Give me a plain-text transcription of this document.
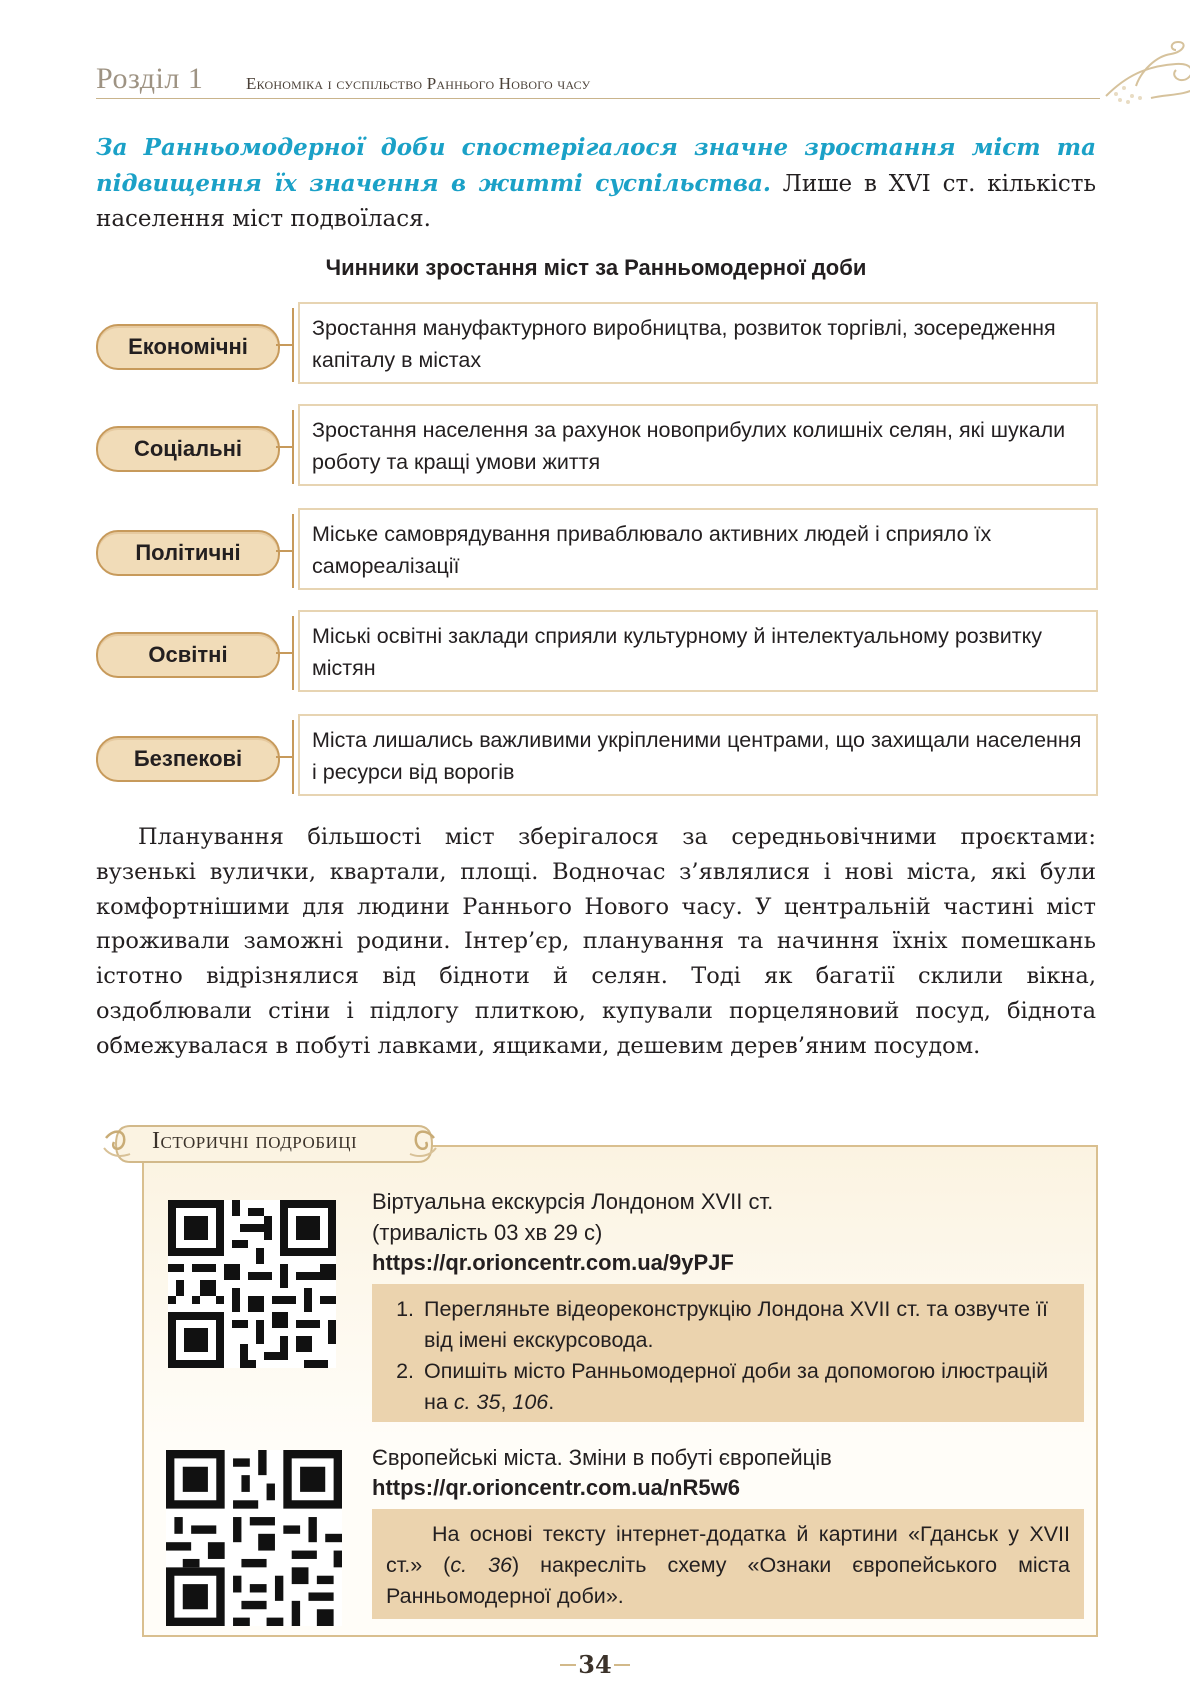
Розділ 1	Економіка і суспільство Раннього Нового часу

За Ранньомодерної доби спостерігалося значне зростання міст та підвищення їх значення в житті суспільства. Лише в XVI ст. кількість населення міст подвоїлася.

Чинники зростання міст за Ранньомодерної доби
Економічні
Зростання мануфактурного виробництва, розвиток торгівлі, зосередження капіталу в містах
Соціальні
Зростання населення за рахунок новоприбулих колишніх селян, які шукали роботу та кращі умови життя
Політичні
Міське самоврядування приваблювало активних людей і сприяло їх самореалізації
Освітні
Міські освітні заклади сприяли культурному й інтелектуальному розвитку містян
Безпекові
Міста лишались важливими укріпленими центрами, що захищали населення і ресурси від ворогів

Планування більшості міст зберігалося за середньовічними проєктами: вузенькі вулички, квартали, площі. Водночас з’являлися і нові міста, які були комфортнішими для людини Раннього Нового часу. У центральній частині міст проживали заможні родини. Інтер’єр, планування та начиння їхніх помешкань істотно відрізнялися від бідноти й селян. Тоді як багатії склили вікна, оздоблювали стіни і підлогу плиткою, купували порцеляновий посуд, біднота обмежувалася в побуті лавками, ящиками, дешевим дерев’яним посудом.

Історичні подробиці
Віртуальна екскурсія Лондоном XVII ст.
(тривалість 03 хв 29 с)
https://qr.orioncentr.com.ua/9yPJF
1. Перегляньте відеореконструкцію Лондона XVII ст. та озвучте її від імені екскурсовода.
2. Опишіть місто Ранньомодерної доби за допомогою ілюстрацій на с. 35, 106.
Європейські міста. Зміни в побуті європейців
https://qr.orioncentr.com.ua/nR5w6
На основі тексту інтернет-додатка й картини «Гданськ у XVII ст.» (с. 36) накресліть схему «Ознаки європейського міста Ранньомодерної доби».
34
